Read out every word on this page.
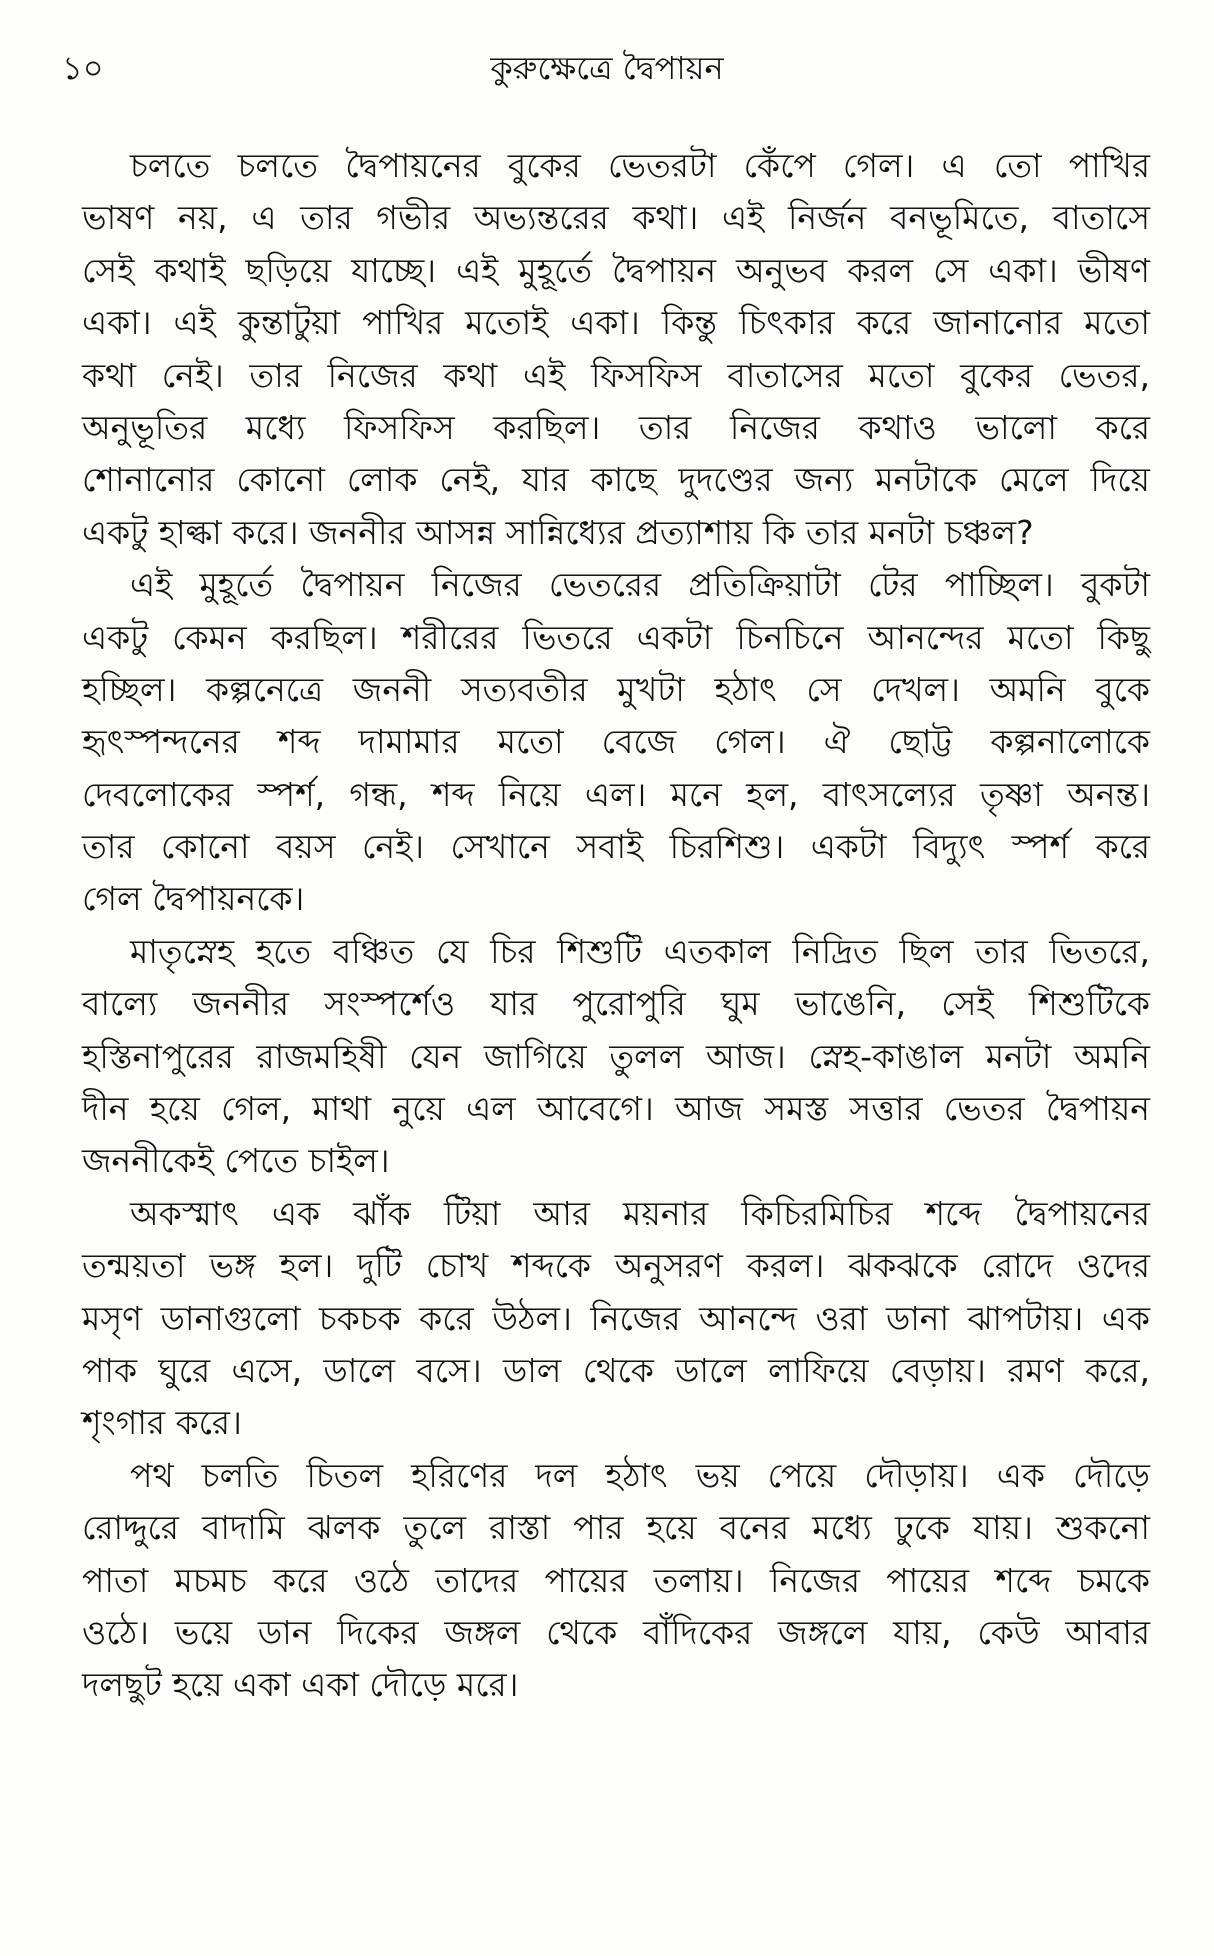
১০	কুরুক্ষেত্রে দ্বৈপায়ন
চলতে চলতে দ্বৈপায়নের বুকের ভেতরটা কেঁপে গেল। এ তো পাখির
ভাষণ নয়, এ তার গভীর অভ্যন্তরের কথা। এই নির্জন বনভূমিতে, বাতাসে
সেই কথাই ছড়িয়ে যাচ্ছে। এই মুহূর্তে দ্বৈপায়ন অনুভব করল সে একা। ভীষণ
একা। এই কুন্তাটুয়া পাখির মতোই একা। কিন্তু চিৎকার করে জানানোর মতো
কথা নেই। তার নিজের কথা এই ফিসফিস বাতাসের মতো বুকের ভেতর,
অনুভূতির মধ্যে ফিসফিস করছিল। তার নিজের কথাও ভালো করে
শোনানোর কোনো লোক নেই, যার কাছে দুদণ্ডের জন্য মনটাকে মেলে দিয়ে
একটু হাল্কা করে। জননীর আসন্ন সান্নিধ্যের প্রত্যাশায় কি তার মনটা চঞ্চল?
এই মুহূর্তে দ্বৈপায়ন নিজের ভেতরের প্রতিক্রিয়াটা টের পাচ্ছিল। বুকটা
একটু কেমন করছিল। শরীরের ভিতরে একটা চিনচিনে আনন্দের মতো কিছু
হচ্ছিল। কল্পনেত্রে জননী সত্যবতীর মুখটা হঠাৎ সে দেখল। অমনি বুকে
হৃৎস্পন্দনের শব্দ দামামার মতো বেজে গেল। ঐ ছোট্ট কল্পনালোকে
দেবলোকের স্পর্শ, গন্ধ, শব্দ নিয়ে এল। মনে হল, বাৎসল্যের তৃষ্ণা অনন্ত।
তার কোনো বয়স নেই। সেখানে সবাই চিরশিশু। একটা বিদ্যুৎ স্পর্শ করে
গেল দ্বৈপায়নকে।
মাতৃস্নেহ হতে বঞ্চিত যে চির শিশুটি এতকাল নিদ্রিত ছিল তার ভিতরে,
বাল্যে জননীর সংস্পর্শেও যার পুরোপুরি ঘুম ভাঙেনি, সেই শিশুটিকে
হস্তিনাপুরের রাজমহিষী যেন জাগিয়ে তুলল আজ। স্নেহ-কাঙাল মনটা অমনি
দীন হয়ে গেল, মাথা নুয়ে এল আবেগে। আজ সমস্ত সত্তার ভেতর দ্বৈপায়ন
জননীকেই পেতে চাইল।
অকস্মাৎ এক ঝাঁক টিয়া আর ময়নার কিচিরমিচির শব্দে দ্বৈপায়নের
তন্ময়তা ভঙ্গ হল। দুটি চোখ শব্দকে অনুসরণ করল। ঝকঝকে রোদে ওদের
মসৃণ ডানাগুলো চকচক করে উঠল। নিজের আনন্দে ওরা ডানা ঝাপটায়। এক
পাক ঘুরে এসে, ডালে বসে। ডাল থেকে ডালে লাফিয়ে বেড়ায়। রমণ করে,
শৃংগার করে।
পথ চলতি চিতল হরিণের দল হঠাৎ ভয় পেয়ে দৌড়ায়। এক দৌড়ে
রোদ্দুরে বাদামি ঝলক তুলে রাস্তা পার হয়ে বনের মধ্যে ঢুকে যায়। শুকনো
পাতা মচমচ করে ওঠে তাদের পায়ের তলায়। নিজের পায়ের শব্দে চমকে
ওঠে। ভয়ে ডান দিকের জঙ্গল থেকে বাঁদিকের জঙ্গলে যায়, কেউ আবার
দলছুট হয়ে একা একা দৌড়ে মরে।
